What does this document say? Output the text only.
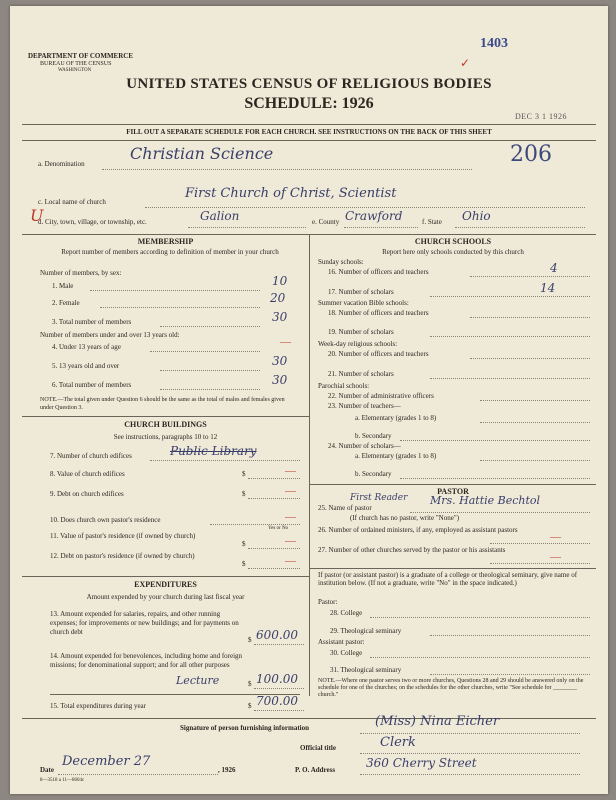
DEPARTMENT OF COMMERCE
BUREAU OF THE CENSUS
WASHINGTON
1403
✓
UNITED STATES CENSUS OF RELIGIOUS BODIES
SCHEDULE: 1926
DEC 3 1 1926
FILL OUT A SEPARATE SCHEDULE FOR EACH CHURCH. SEE INSTRUCTIONS ON THE BACK OF THIS SHEET
a. Denomination
Christian Science	206
c. Local name of church
First Church of Christ, Scientist
U
d. City, town, village, or township, etc.	Galion	e. County Crawford	f. State Ohio
MEMBERSHIP
Report number of members according to definition of member in your church
Number of members, by sex:
1. Male	10
2. Female	20
3. Total number of members	30
Number of members under and over 13 years old:
4. Under 13 years of age	—
5. 13 years old and over	30
6. Total number of members	30
NOTE.—The total given under Question 6 should be the same as the total of males and females given under Question 3.
CHURCH BUILDINGS
See instructions, paragraphs 10 to 12
7. Number of church edifices	Public Library
8. Value of church edifices	$	—
9. Debt on church edifices	$	—
10. Does church own pastor's residence
Yes or No
—
11. Value of pastor's residence (if owned by church)
$	—
12. Debt on pastor's residence (if owned by church)
$	—
EXPENDITURES
Amount expended by your church during last fiscal year
13. Amount expended for salaries, repairs, and other running expenses; for improvements or new buildings; and for payments on church debt
$ 600.00
14. Amount expended for benevolences, including home and foreign missions; for denominational support; and for all other purposes
Lecture	$ 100.00
15. Total expenditures during year	$ 700.00
CHURCH SCHOOLS
Report here only schools conducted by this church
Sunday schools:
16. Number of officers and teachers	4
17. Number of scholars	14
Summer vacation Bible schools:
18. Number of officers and teachers
19. Number of scholars
Week-day religious schools:
20. Number of officers and teachers
21. Number of scholars
Parochial schools:
22. Number of administrative officers
23. Number of teachers—
a. Elementary (grades 1 to 8)
b. Secondary
24. Number of scholars—
a. Elementary (grades 1 to 8)
b. Secondary
PASTOR
First Reader
25. Name of pastor
Mrs. Hattie Bechtol
(If church has no pastor, write "None")
26. Number of ordained ministers, if any, employed as assistant pastors
—
27. Number of other churches served by the pastor or his assistants
—
If pastor (or assistant pastor) is a graduate of a college or theological seminary, give name of institution below. (If not a graduate, write "No" in the space indicated.)
Pastor:
28. College
29. Theological seminary
Assistant pastor:
30. College
31. Theological seminary
NOTE.—Where one pastor serves two or more churches, Questions 28 and 29 should be answered only on the schedule for one of the churches; on the schedules for the other churches, write "See schedule for ________ church."
Signature of person furnishing information	(Miss) Nina Eicher
Official title	Clerk
Date
December 27
, 1926	P. O. Address	360 Cherry Street
8—3518 a 11—8604c
